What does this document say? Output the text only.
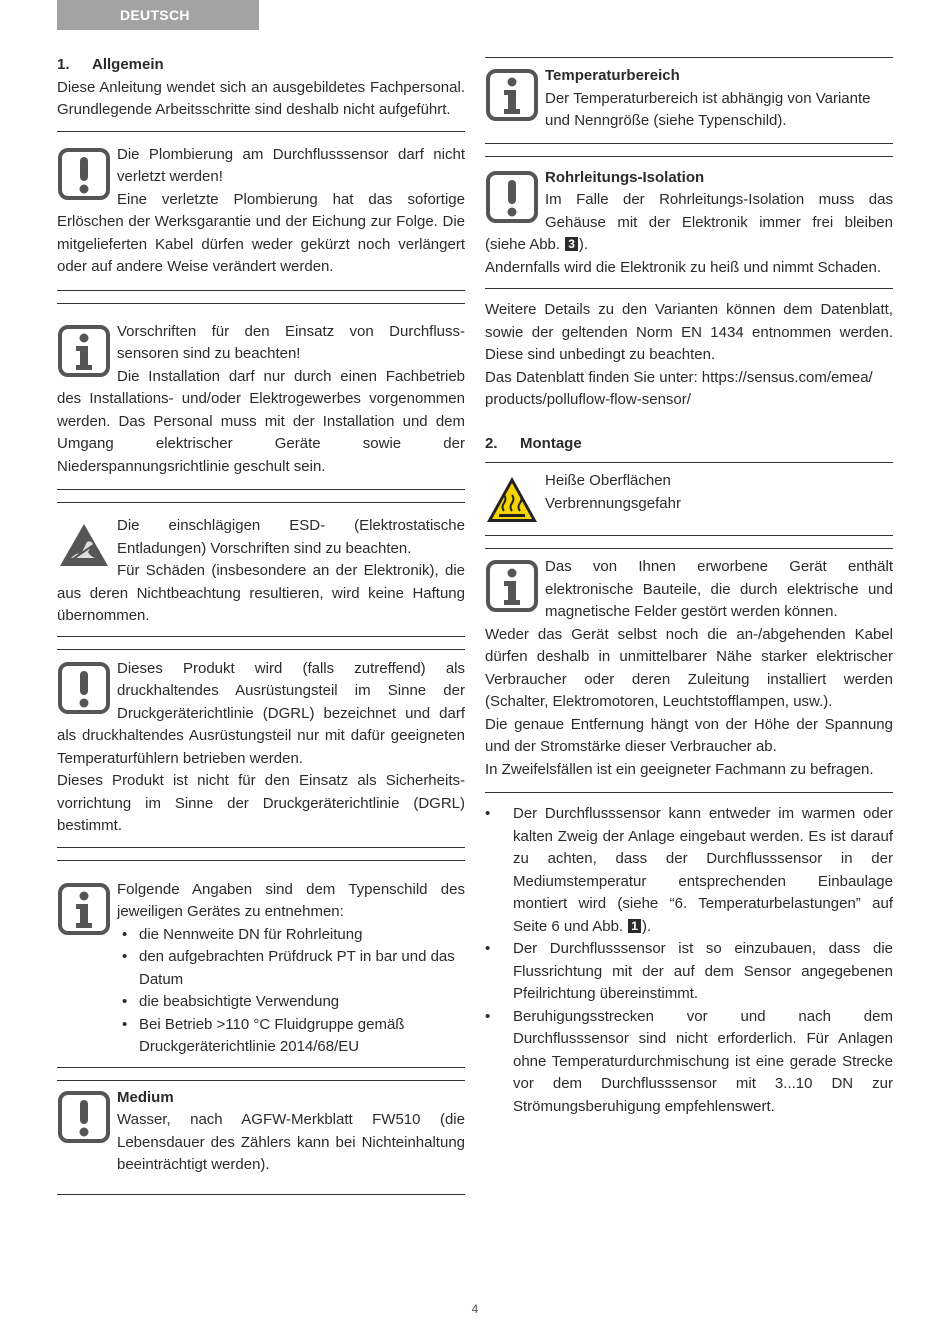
DEUTSCH

1. Allgemein

Diese Anleitung wendet sich an ausgebildetes Fachpersonal. Grundlegende Arbeitsschritte sind deshalb nicht aufgeführt.

Die Plombierung am Durchflusssensor darf nicht verletzt werden!

Eine verletzte Plombierung hat das sofortige Erlöschen der Werksgarantie und der Eichung zur Folge. Die mitgelieferten Kabel dürfen weder gekürzt noch verlängert oder auf andere Weise verändert werden.

Vorschriften für den Einsatz von Durchfluss-sensoren sind zu beachten!

Die Installation darf nur durch einen Fachbetrieb des Installations- und/oder Elektrogewerbes vorgenommen werden. Das Personal muss mit der Installation und dem Umgang elektrischer Geräte sowie der Niederspannungsrichtlinie geschult sein.

Die einschlägigen ESD- (Elektrostatische Entladungen) Vorschriften sind zu beachten.

Für Schäden (insbesondere an der Elektronik), die aus deren Nichtbeachtung resultieren, wird keine Haftung übernommen.

Dieses Produkt wird (falls zutreffend) als druckhaltendes Ausrüstungsteil im Sinne der Druckgeräterichtlinie (DGRL) bezeichnet und darf als druckhaltendes Ausrüstungsteil nur mit dafür geeigneten Temperaturfühlern betrieben werden.

Dieses Produkt ist nicht für den Einsatz als Sicherheits-vorrichtung im Sinne der Druckgeräterichtlinie (DGRL) bestimmt.

Folgende Angaben sind dem Typenschild des jeweiligen Gerätes zu entnehmen:

• die Nennweite DN für Rohrleitung
• den aufgebrachten Prüfdruck PT in bar und das Datum
• die beabsichtigte Verwendung
• Bei Betrieb >110 °C Fluidgruppe gemäß Druckgeräterichtlinie 2014/68/EU

Medium

Wasser, nach AGFW-Merkblatt FW510 (die Lebensdauer des Zählers kann bei Nichteinhaltung beeinträchtigt werden).

Temperaturbereich

Der Temperaturbereich ist abhängig von Variante und Nenngröße (siehe Typenschild).

Rohrleitungs-Isolation

Im Falle der Rohrleitungs-Isolation muss das Gehäuse mit der Elektronik immer frei bleiben (siehe Abb. 3 ).

Andernfalls wird die Elektronik zu heiß und nimmt Schaden.

Weitere Details zu den Varianten können dem Datenblatt, sowie der geltenden Norm EN 1434 entnommen werden. Diese sind unbedingt zu beachten.

Das Datenblatt finden Sie unter: https://sensus.com/emea/ products/polluflow-flow-sensor/

2. Montage

Heiße Oberflächen

Verbrennungsgefahr

Das von Ihnen erworbene Gerät enthält elektronische Bauteile, die durch elektrische und magnetische Felder gestört werden können.

Weder das Gerät selbst noch die an-/abgehenden Kabel dürfen deshalb in unmittelbarer Nähe starker elektrischer Verbraucher oder deren Zuleitung installiert werden (Schalter, Elektromotoren, Leuchtstofflampen, usw.).

Die genaue Entfernung hängt von der Höhe der Spannung und der Stromstärke dieser Verbraucher ab.

In Zweifelsfällen ist ein geeigneter Fachmann zu befragen.

• Der Durchflusssensor kann entweder im warmen oder kalten Zweig der Anlage eingebaut werden. Es ist darauf zu achten, dass der Durchflusssensor in der Mediumstemperatur entsprechenden Einbaulage montiert wird (siehe “6. Temperaturbelastungen” auf Seite 6 und Abb. 1 ).
• Der Durchflusssensor ist so einzubauen, dass die Flussrichtung mit der auf dem Sensor angegebenen Pfeilrichtung übereinstimmt.
• Beruhigungsstrecken vor und nach dem Durchflusssensor sind nicht erforderlich. Für Anlagen ohne Temperaturdurchmischung ist eine gerade Strecke vor dem Durchflusssensor mit 3...10 DN zur Strömungsberuhigung empfehlenswert.
4
